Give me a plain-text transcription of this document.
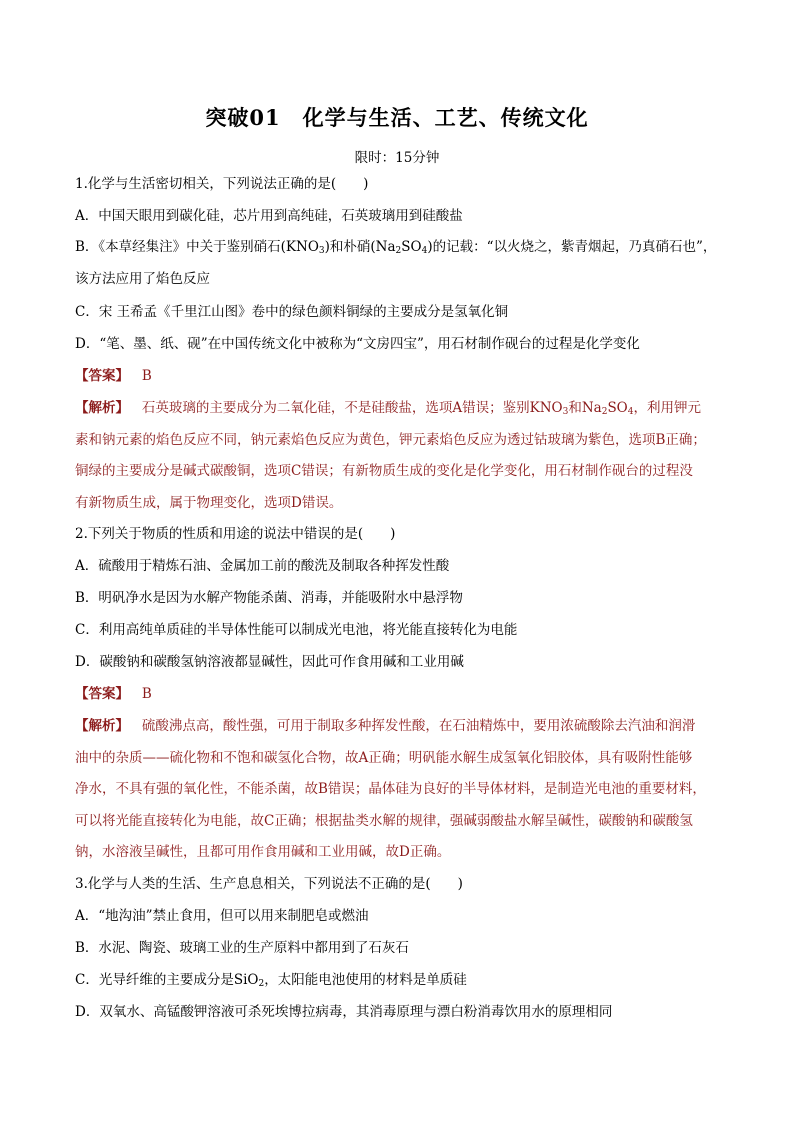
突破01　化学与生活、工艺、传统文化
限时：15分钟
1.化学与生活密切相关，下列说法正确的是(　　)
A．中国天眼用到碳化硅，芯片用到高纯硅，石英玻璃用到硅酸盐
B．《本草经集注》中关于鉴别硝石$(KNO_3)$和朴硝$(Na_2SO_4)$的记载：“以火烧之，紫青烟起，乃真硝石也”，
该方法应用了焰色反应
C．宋 王希孟《千里江山图》卷中的绿色颜料铜绿的主要成分是氢氧化铜
D．“笔、墨、纸、砚”在中国传统文化中被称为“文房四宝”，用石材制作砚台的过程是化学变化
【答案】 B
【解析】 石英玻璃的主要成分为二氧化硅，不是硅酸盐，选项A错误；鉴别$KNO_3$和$Na_2SO_4$，利用钾元
素和钠元素的焰色反应不同，钠元素焰色反应为黄色，钾元素焰色反应为透过钴玻璃为紫色，选项B正确；
铜绿的主要成分是碱式碳酸铜，选项C错误；有新物质生成的变化是化学变化，用石材制作砚台的过程没
有新物质生成，属于物理变化，选项D错误。
2.下列关于物质的性质和用途的说法中错误的是(　　)
A．硫酸用于精炼石油、金属加工前的酸洗及制取各种挥发性酸
B．明矾净水是因为水解产物能杀菌、消毒，并能吸附水中悬浮物
C．利用高纯单质硅的半导体性能可以制成光电池，将光能直接转化为电能
D．碳酸钠和碳酸氢钠溶液都显碱性，因此可作食用碱和工业用碱
【答案】 B
【解析】 硫酸沸点高，酸性强，可用于制取多种挥发性酸，在石油精炼中，要用浓硫酸除去汽油和润滑
油中的杂质——硫化物和不饱和碳氢化合物，故A正确；明矾能水解生成氢氧化铝胶体，具有吸附性能够
净水，不具有强的氧化性，不能杀菌，故B错误；晶体硅为良好的半导体材料，是制造光电池的重要材料，
可以将光能直接转化为电能，故C正确；根据盐类水解的规律，强碱弱酸盐水解呈碱性，碳酸钠和碳酸氢
钠，水溶液呈碱性，且都可用作食用碱和工业用碱，故D正确。
3.化学与人类的生活、生产息息相关，下列说法不正确的是(　　)
A．“地沟油”禁止食用，但可以用来制肥皂或燃油
B．水泥、陶瓷、玻璃工业的生产原料中都用到了石灰石
C．光导纤维的主要成分是SiO$_2$，太阳能电池使用的材料是单质硅
D．双氧水、高锰酸钾溶液可杀死埃博拉病毒，其消毒原理与漂白粉消毒饮用水的原理相同
